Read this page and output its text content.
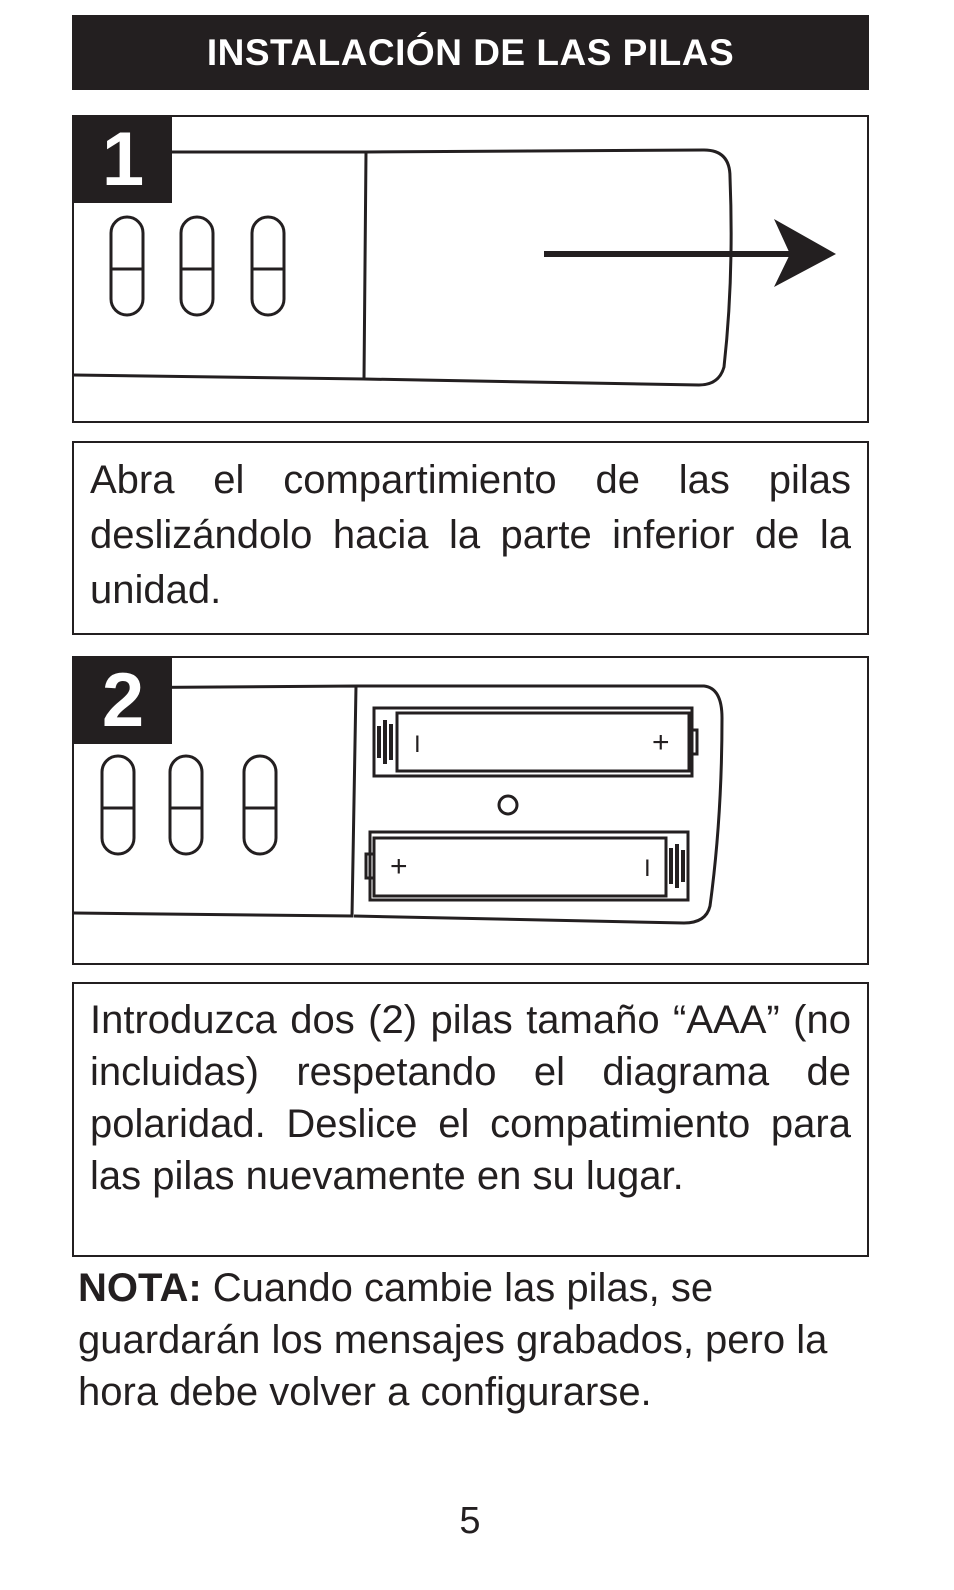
INSTALACIÓN DE LAS PILAS
1
Abra el compartimiento de las pilas deslizándolo hacia la parte inferior de la unidad.
I	+
+	I
2
Introduzca dos (2) pilas tamaño “AAA” (no incluidas) respetando el diagrama de polaridad. Deslice el compatimiento para las pilas nuevamente en su lugar.
NOTA: Cuando cambie las pilas, se guardarán los mensajes grabados, pero la hora debe volver a configurarse.
5
